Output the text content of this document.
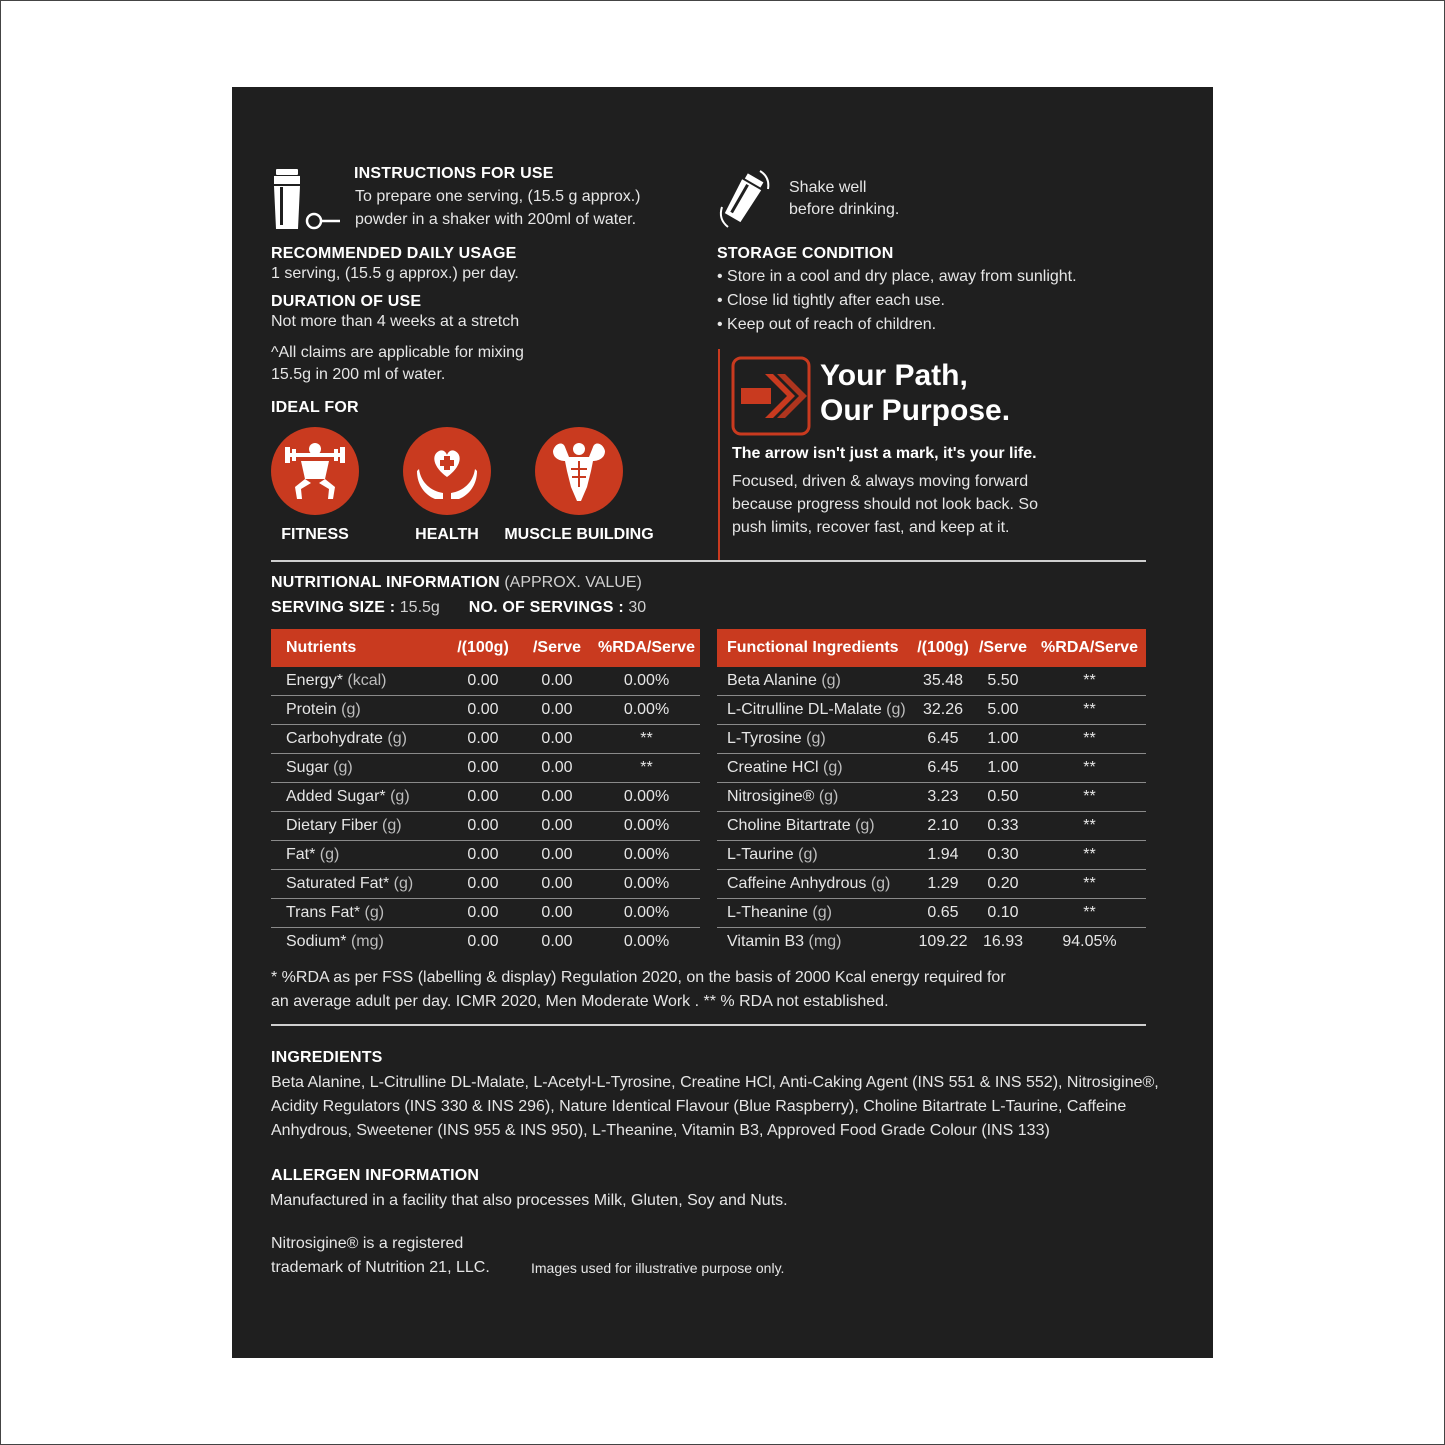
INSTRUCTIONS FOR USE
To prepare one serving, (15.5 g approx.)
powder in a shaker with 200ml of water.
Shake well
before drinking.
RECOMMENDED DAILY USAGE
1 serving, (15.5 g approx.) per day.
DURATION OF USE
Not more than 4 weeks at a stretch
^All claims are applicable for mixing
15.5g in 200 ml of water.
IDEAL FOR
FITNESS	HEALTH	MUSCLE BUILDING
STORAGE CONDITION
• Store in a cool and dry place, away from sunlight.
• Close lid tightly after each use.
• Keep out of reach of children.
Your Path,
Our Purpose.
The arrow isn't just a mark, it's your life.
Focused, driven & always moving forward
because progress should not look back. So
push limits, recover fast, and keep at it.
NUTRITIONAL INFORMATION (APPROX. VALUE)
SERVING SIZE : 15.5g NO. OF SERVINGS : 30
Nutrients	/(100g)	/Serve	%RDA/Serve
Energy* (kcal)	0.00	0.00	0.00%
Protein (g)	0.00	0.00	0.00%
Carbohydrate (g)	0.00	0.00	**
Sugar (g)	0.00	0.00	**
Added Sugar* (g)	0.00	0.00	0.00%
Dietary Fiber (g)	0.00	0.00	0.00%
Fat* (g)	0.00	0.00	0.00%
Saturated Fat* (g)	0.00	0.00	0.00%
Trans Fat* (g)	0.00	0.00	0.00%
Sodium* (mg)	0.00	0.00	0.00%
Functional Ingredients	/(100g)	/Serve	%RDA/Serve
Beta Alanine (g)	35.48	5.50	**
L-Citrulline DL-Malate (g)	32.26	5.00	**
L-Tyrosine (g)	6.45	1.00	**
Creatine HCl (g)	6.45	1.00	**
Nitrosigine® (g)	3.23	0.50	**
Choline Bitartrate (g)	2.10	0.33	**
L-Taurine (g)	1.94	0.30	**
Caffeine Anhydrous (g)	1.29	0.20	**
L-Theanine (g)	0.65	0.10	**
Vitamin B3 (mg)	109.22	16.93	94.05%
* %RDA as per FSS (labelling & display) Regulation 2020, on the basis of 2000 Kcal energy required for
an average adult per day. ICMR 2020, Men Moderate Work . ** % RDA not established.
INGREDIENTS
Beta Alanine, L-Citrulline DL-Malate, L-Acetyl-L-Tyrosine, Creatine HCl, Anti-Caking Agent (INS 551 & INS 552), Nitrosigine®,
Acidity Regulators (INS 330 & INS 296), Nature Identical Flavour (Blue Raspberry), Choline Bitartrate L-Taurine, Caffeine
Anhydrous, Sweetener (INS 955 & INS 950), L-Theanine, Vitamin B3, Approved Food Grade Colour (INS 133)
ALLERGEN INFORMATION
Manufactured in a facility that also processes Milk, Gluten, Soy and Nuts.
Nitrosigine® is a registered
trademark of Nutrition 21, LLC.	Images used for illustrative purpose only.
